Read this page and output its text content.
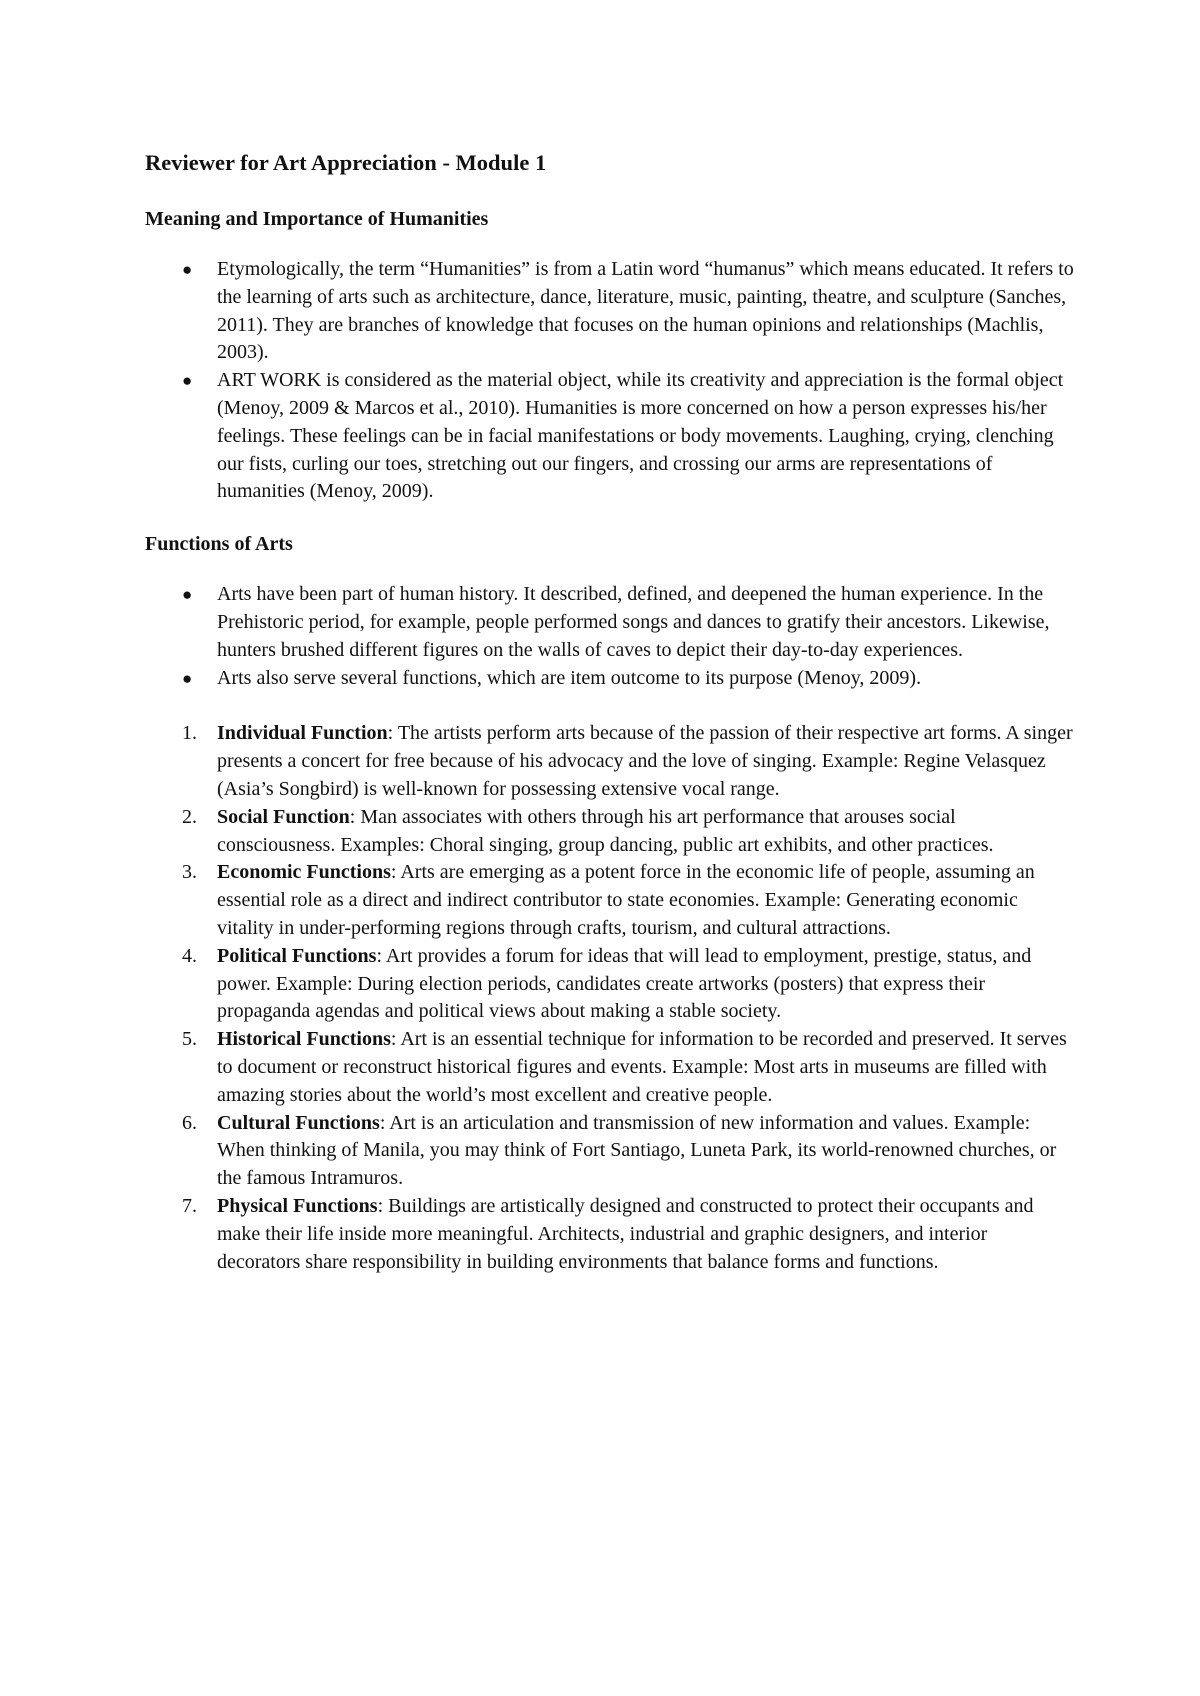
Reviewer for Art Appreciation - Module 1
Meaning and Importance of Humanities
● Etymologically, the term “Humanities” is from a Latin word “humanus” which means educated. It refers to the learning of arts such as architecture, dance, literature, music, painting, theatre, and sculpture (Sanches, 2011). They are branches of knowledge that focuses on the human opinions and relationships (Machlis, 2003).
● ART WORK is considered as the material object, while its creativity and appreciation is the formal object (Menoy, 2009 & Marcos et al., 2010). Humanities is more concerned on how a person expresses his/her feelings. These feelings can be in facial manifestations or body movements. Laughing, crying, clenching our fists, curling our toes, stretching out our fingers, and crossing our arms are representations of humanities (Menoy, 2009).
Functions of Arts
● Arts have been part of human history. It described, defined, and deepened the human experience. In the Prehistoric period, for example, people performed songs and dances to gratify their ancestors. Likewise, hunters brushed different figures on the walls of caves to depict their day-to-day experiences.
● Arts also serve several functions, which are item outcome to its purpose (Menoy, 2009).
1. Individual Function: The artists perform arts because of the passion of their respective art forms. A singer presents a concert for free because of his advocacy and the love of singing. Example: Regine Velasquez (Asia’s Songbird) is well-known for possessing extensive vocal range.
2. Social Function: Man associates with others through his art performance that arouses social consciousness. Examples: Choral singing, group dancing, public art exhibits, and other practices.
3. Economic Functions: Arts are emerging as a potent force in the economic life of people, assuming an essential role as a direct and indirect contributor to state economies. Example: Generating economic vitality in under-performing regions through crafts, tourism, and cultural attractions.
4. Political Functions: Art provides a forum for ideas that will lead to employment, prestige, status, and power. Example: During election periods, candidates create artworks (posters) that express their propaganda agendas and political views about making a stable society.
5. Historical Functions: Art is an essential technique for information to be recorded and preserved. It serves to document or reconstruct historical figures and events. Example: Most arts in museums are filled with amazing stories about the world’s most excellent and creative people.
6. Cultural Functions: Art is an articulation and transmission of new information and values. Example: When thinking of Manila, you may think of Fort Santiago, Luneta Park, its world-renowned churches, or the famous Intramuros.
7. Physical Functions: Buildings are artistically designed and constructed to protect their occupants and make their life inside more meaningful. Architects, industrial and graphic designers, and interior decorators share responsibility in building environments that balance forms and functions.
